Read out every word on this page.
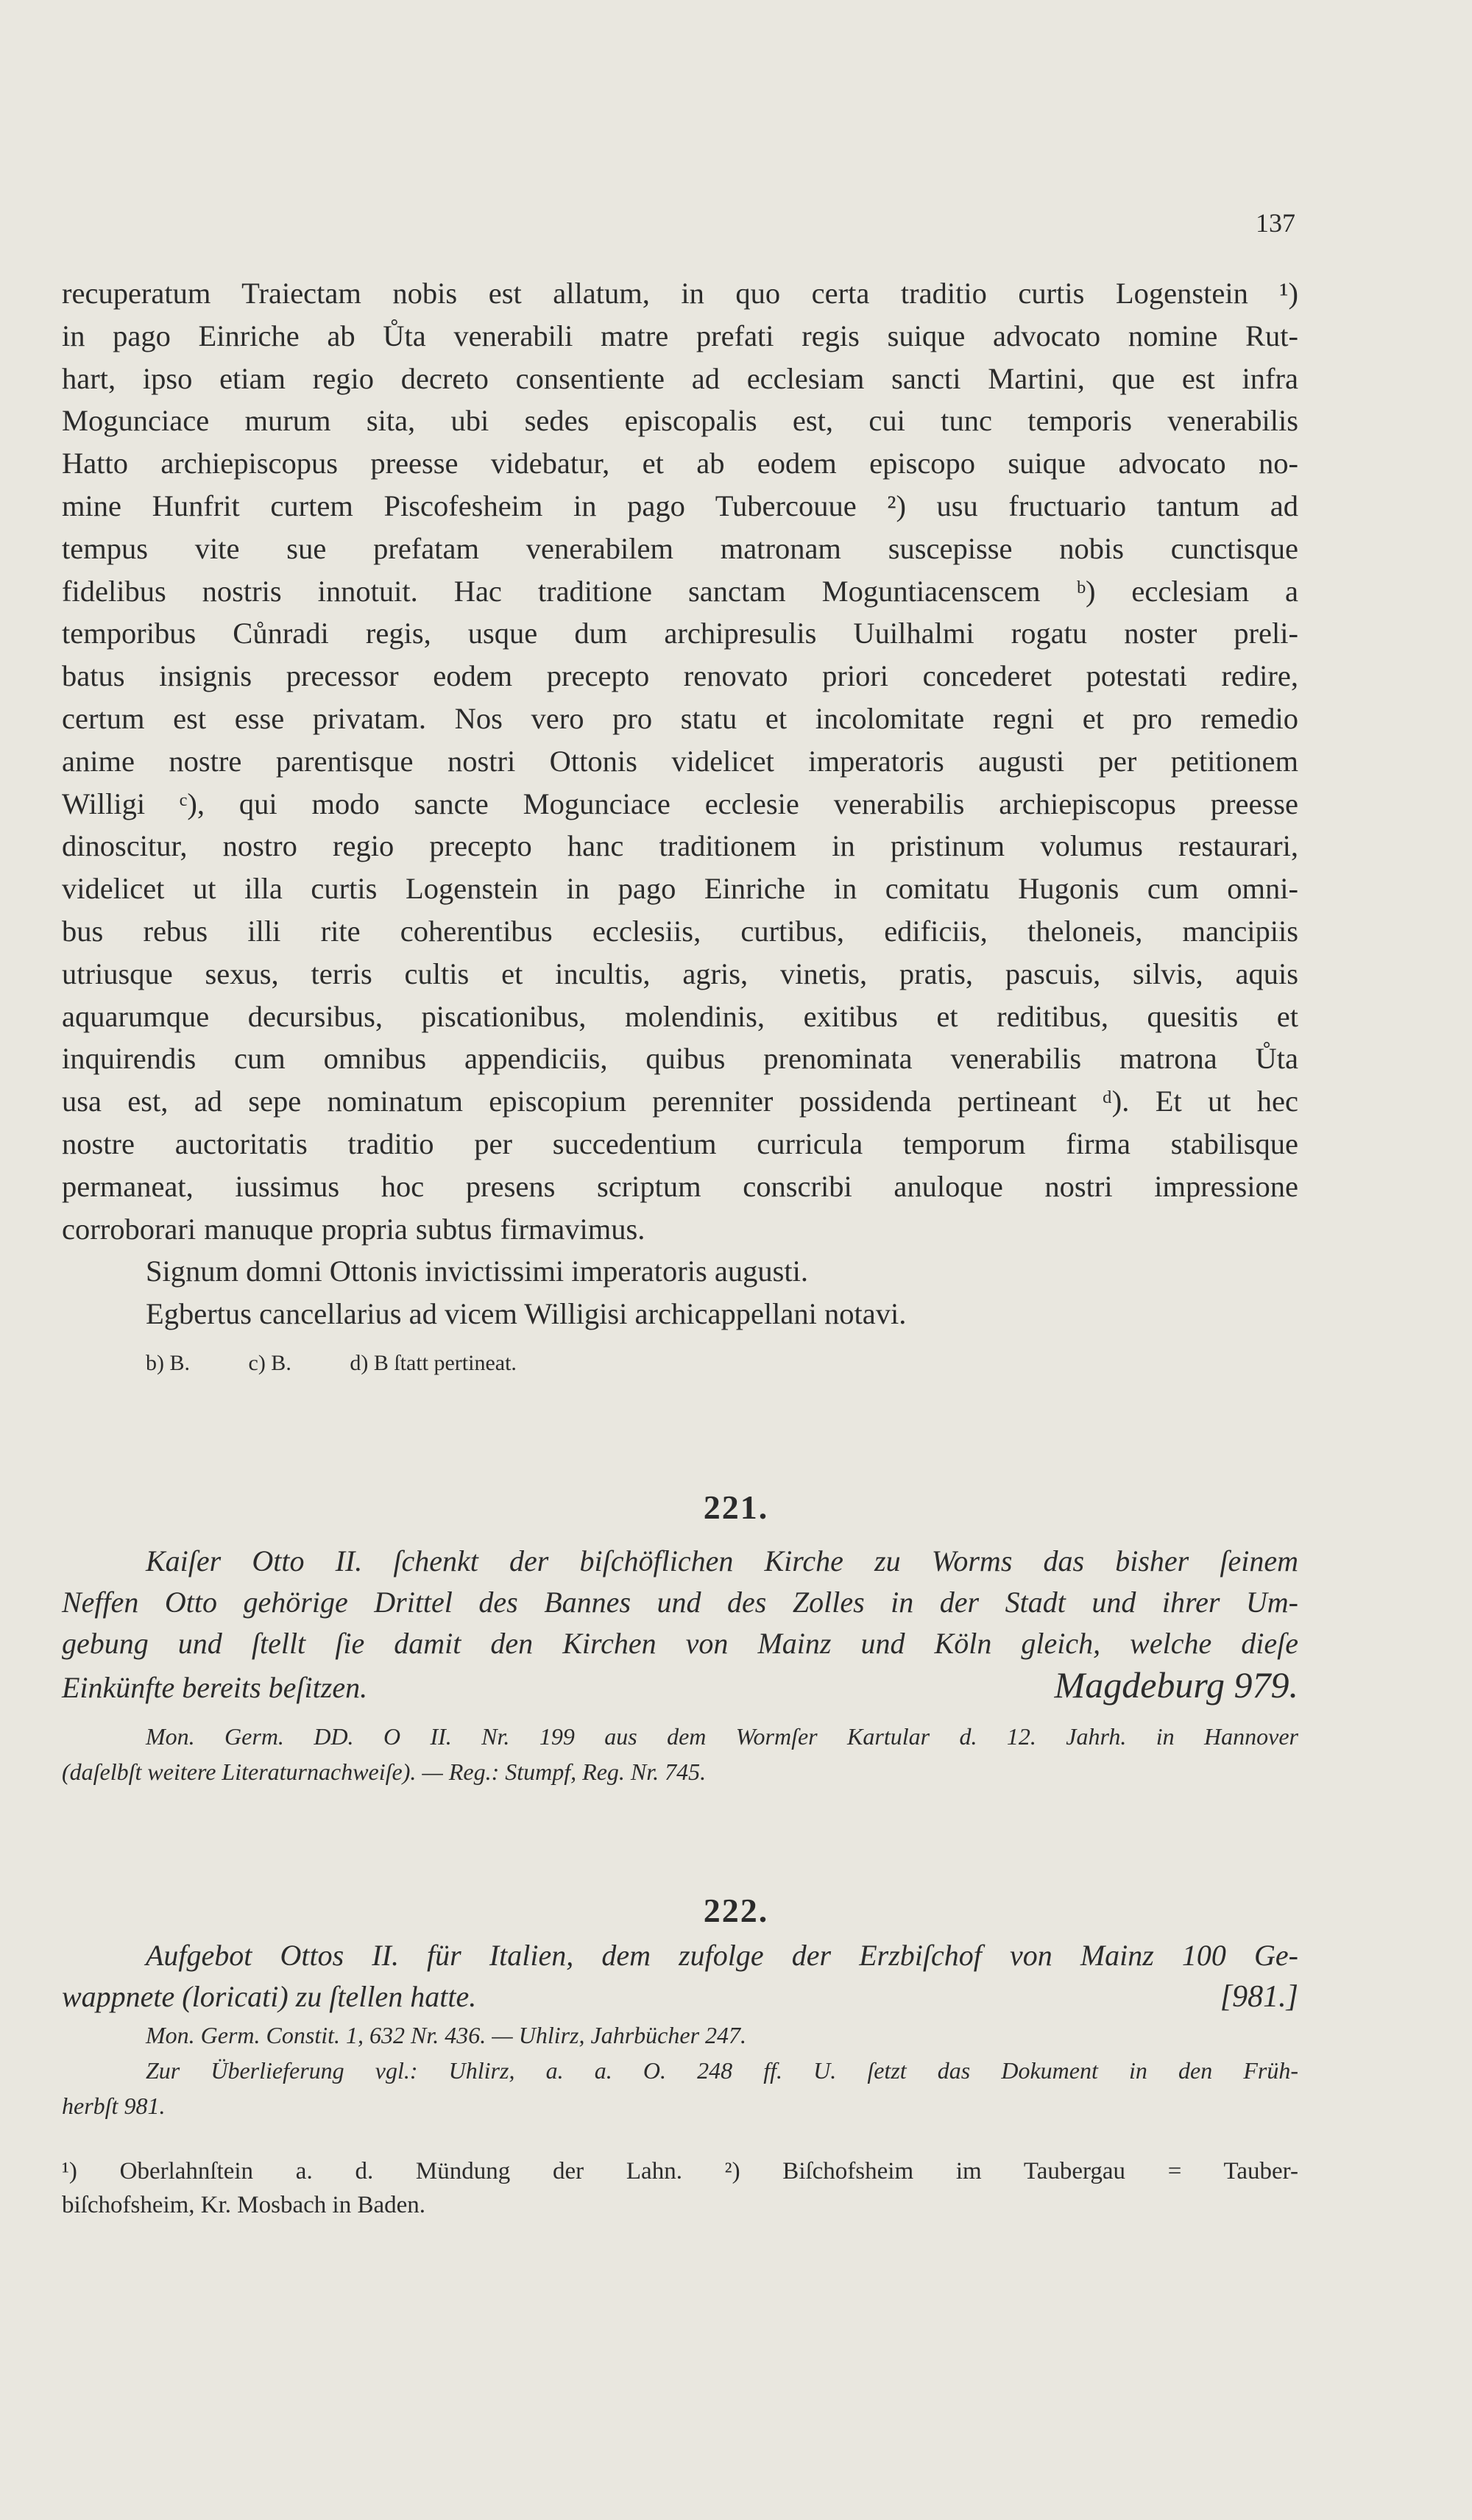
137
recuperatum Traiectam nobis est allatum, in quo certa traditio curtis Logenstein ¹)
in pago Einriche ab Ůta venerabili matre prefati regis suique advocato nomine Rut-
hart, ipso etiam regio decreto consentiente ad ecclesiam sancti Martini, que est infra
Mogunciace murum sita, ubi sedes episcopalis est, cui tunc temporis venerabilis
Hatto archiepiscopus preesse videbatur, et ab eodem episcopo suique advocato no-
mine Hunfrit curtem Piscofesheim in pago Tubercouue ²) usu fructuario tantum ad
tempus vite sue prefatam venerabilem matronam suscepisse nobis cunctisque
fidelibus nostris innotuit. Hac traditione sanctam Moguntiacenscem ᵇ) ecclesiam a
temporibus Cůnradi regis, usque dum archipresulis Uuilhalmi rogatu noster preli-
batus insignis precessor eodem precepto renovato priori concederet potestati redire,
certum est esse privatam. Nos vero pro statu et incolomitate regni et pro remedio
anime nostre parentisque nostri Ottonis videlicet imperatoris augusti per petitionem
Willigi ᶜ), qui modo sancte Mogunciace ecclesie venerabilis archiepiscopus preesse
dinoscitur, nostro regio precepto hanc traditionem in pristinum volumus restaurari,
videlicet ut illa curtis Logenstein in pago Einriche in comitatu Hugonis cum omni-
bus rebus illi rite coherentibus ecclesiis, curtibus, edificiis, theloneis, mancipiis
utriusque sexus, terris cultis et incultis, agris, vinetis, pratis, pascuis, silvis, aquis
aquarumque decursibus, piscationibus, molendinis, exitibus et reditibus, quesitis et
inquirendis cum omnibus appendiciis, quibus prenominata venerabilis matrona Ůta
usa est, ad sepe nominatum episcopium perenniter possidenda pertineant ᵈ). Et ut hec
nostre auctoritatis traditio per succedentium curricula temporum firma stabilisque
permaneat, iussimus hoc presens scriptum conscribi anuloque nostri impressione
corroborari manuque propria subtus firmavimus.
Signum domni Ottonis invictissimi imperatoris augusti.
Egbertus cancellarius ad vicem Willigisi archicappellani notavi.
b) B.	c) B.	d) B ſtatt pertineat.
221.
Kaiſer Otto II. ſchenkt der biſchöflichen Kirche zu Worms das bisher ſeinem
Neffen Otto gehörige Drittel des Bannes und des Zolles in der Stadt und ihrer Um-
gebung und ſtellt ſie damit den Kirchen von Mainz und Köln gleich, welche dieſe
Einkünfte bereits beſitzen.	Magdeburg 979.
Mon. Germ. DD. O II. Nr. 199 aus dem Wormſer Kartular d. 12. Jahrh. in Hannover
(daſelbſt weitere Literaturnachweiſe). — Reg.: Stumpf, Reg. Nr. 745.
222.
Aufgebot Ottos II. für Italien, dem zufolge der Erzbiſchof von Mainz 100 Ge-
wappnete (loricati) zu ſtellen hatte.	[981.]
Mon. Germ. Constit. 1, 632 Nr. 436. — Uhlirz, Jahrbücher 247.
Zur Überlieferung vgl.: Uhlirz, a. a. O. 248 ff. U. ſetzt das Dokument in den Früh-
herbſt 981.
¹) Oberlahnſtein a. d. Mündung der Lahn. ²) Biſchofsheim im Taubergau = Tauber-
biſchofsheim, Kr. Mosbach in Baden.
